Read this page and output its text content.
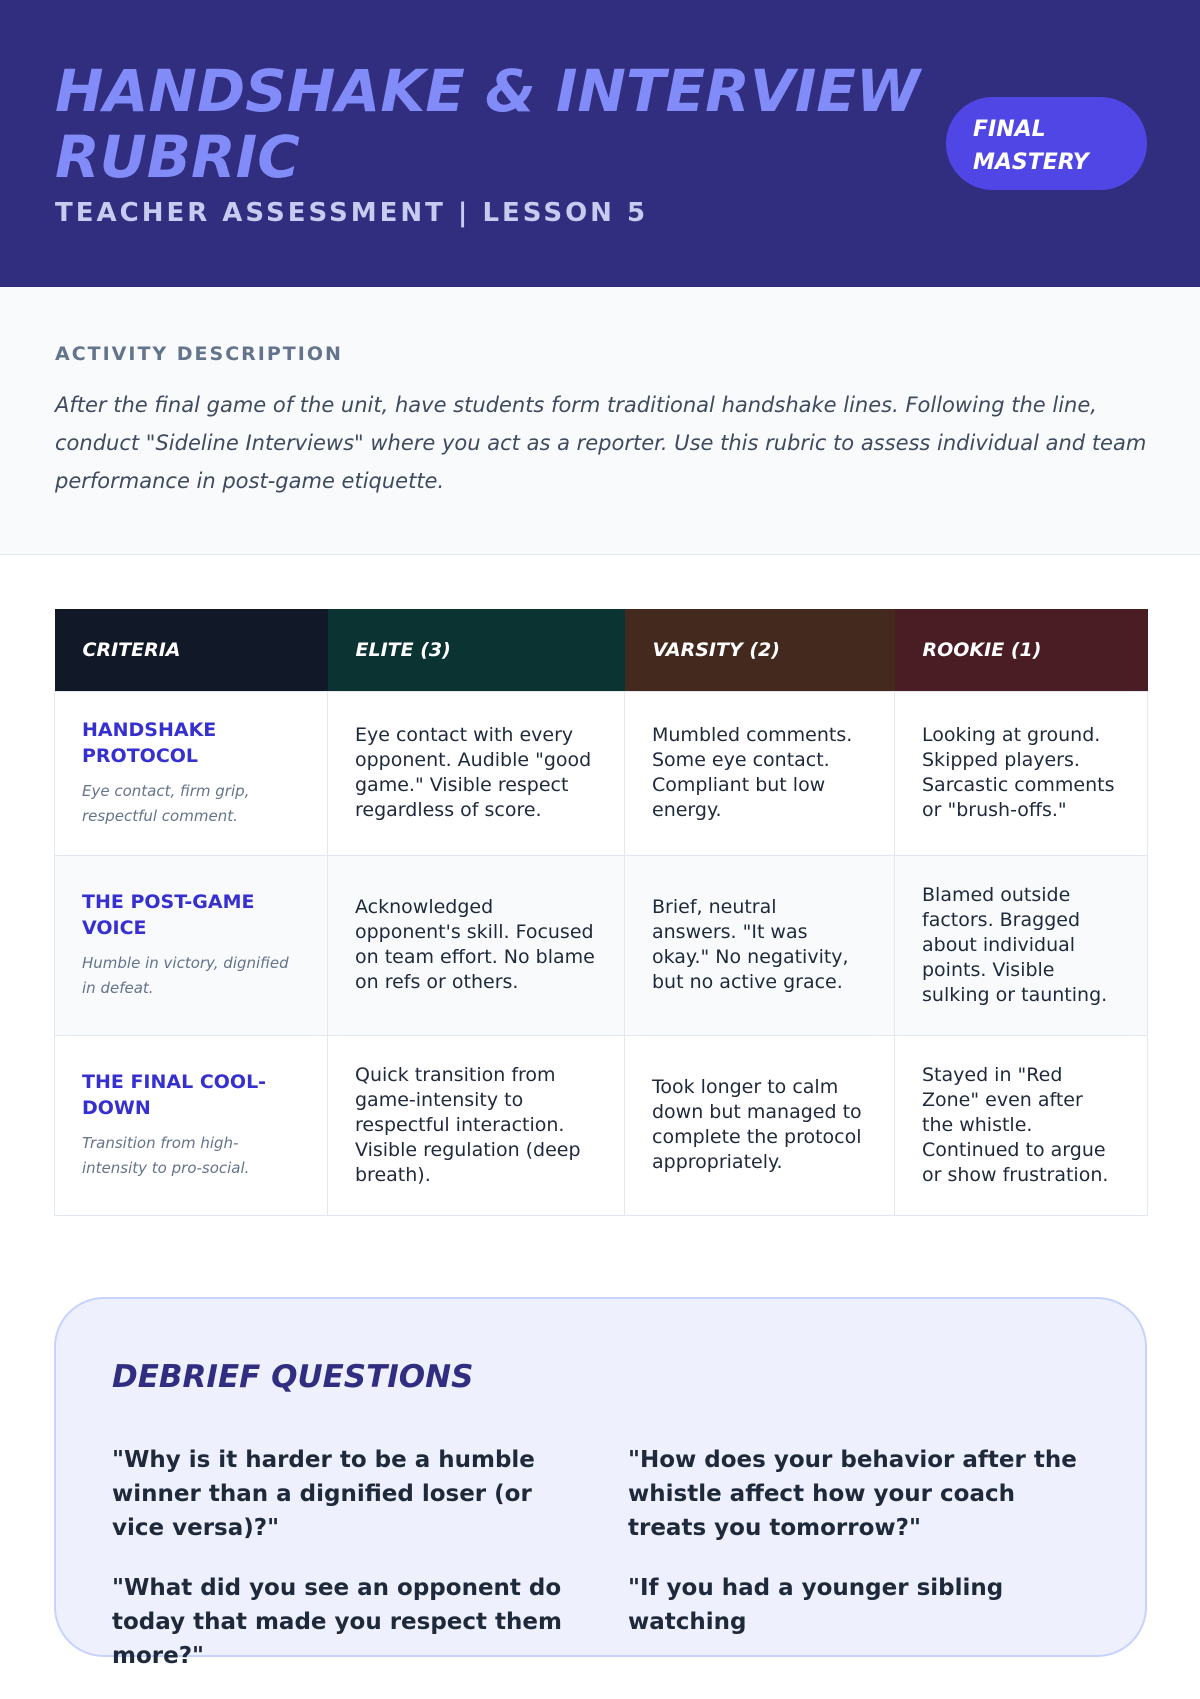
HANDSHAKE & INTERVIEW RUBRIC
TEACHER ASSESSMENT | LESSON 5
FINAL MASTERY
ACTIVITY DESCRIPTION
After the final game of the unit, have students form traditional handshake lines. Following the line, conduct "Sideline Interviews" where you act as a reporter. Use this rubric to assess individual and team performance in post-game etiquette.
CRITERIA	ELITE (3)	VARSITY (2)	ROOKIE (1)

HANDSHAKE PROTOCOL
Eye contact, firm grip, respectful comment.	Eye contact with every opponent. Audible "good game." Visible respect regardless of score.	Mumbled comments. Some eye contact. Compliant but low energy.	Looking at ground. Skipped players. Sarcastic comments or "brush-offs."

THE POST-GAME VOICE
Humble in victory, dignified in defeat.	Acknowledged opponent's skill. Focused on team effort. No blame on refs or others.	Brief, neutral answers. "It was okay." No negativity, but no active grace.	Blamed outside factors. Bragged about individual points. Visible sulking or taunting.

THE FINAL COOL-DOWN
Transition from high-intensity to pro-social.	Quick transition from game-intensity to respectful interaction. Visible regulation (deep breath).	Took longer to calm down but managed to complete the protocol appropriately.	Stayed in "Red Zone" even after the whistle. Continued to argue or show frustration.
DEBRIEF QUESTIONS
"Why is it harder to be a humble winner than a dignified loser (or vice versa)?"
"What did you see an opponent do today that made you respect them more?"
"How does your behavior after the whistle affect how your coach treats you tomorrow?"
"If you had a younger sibling watching
